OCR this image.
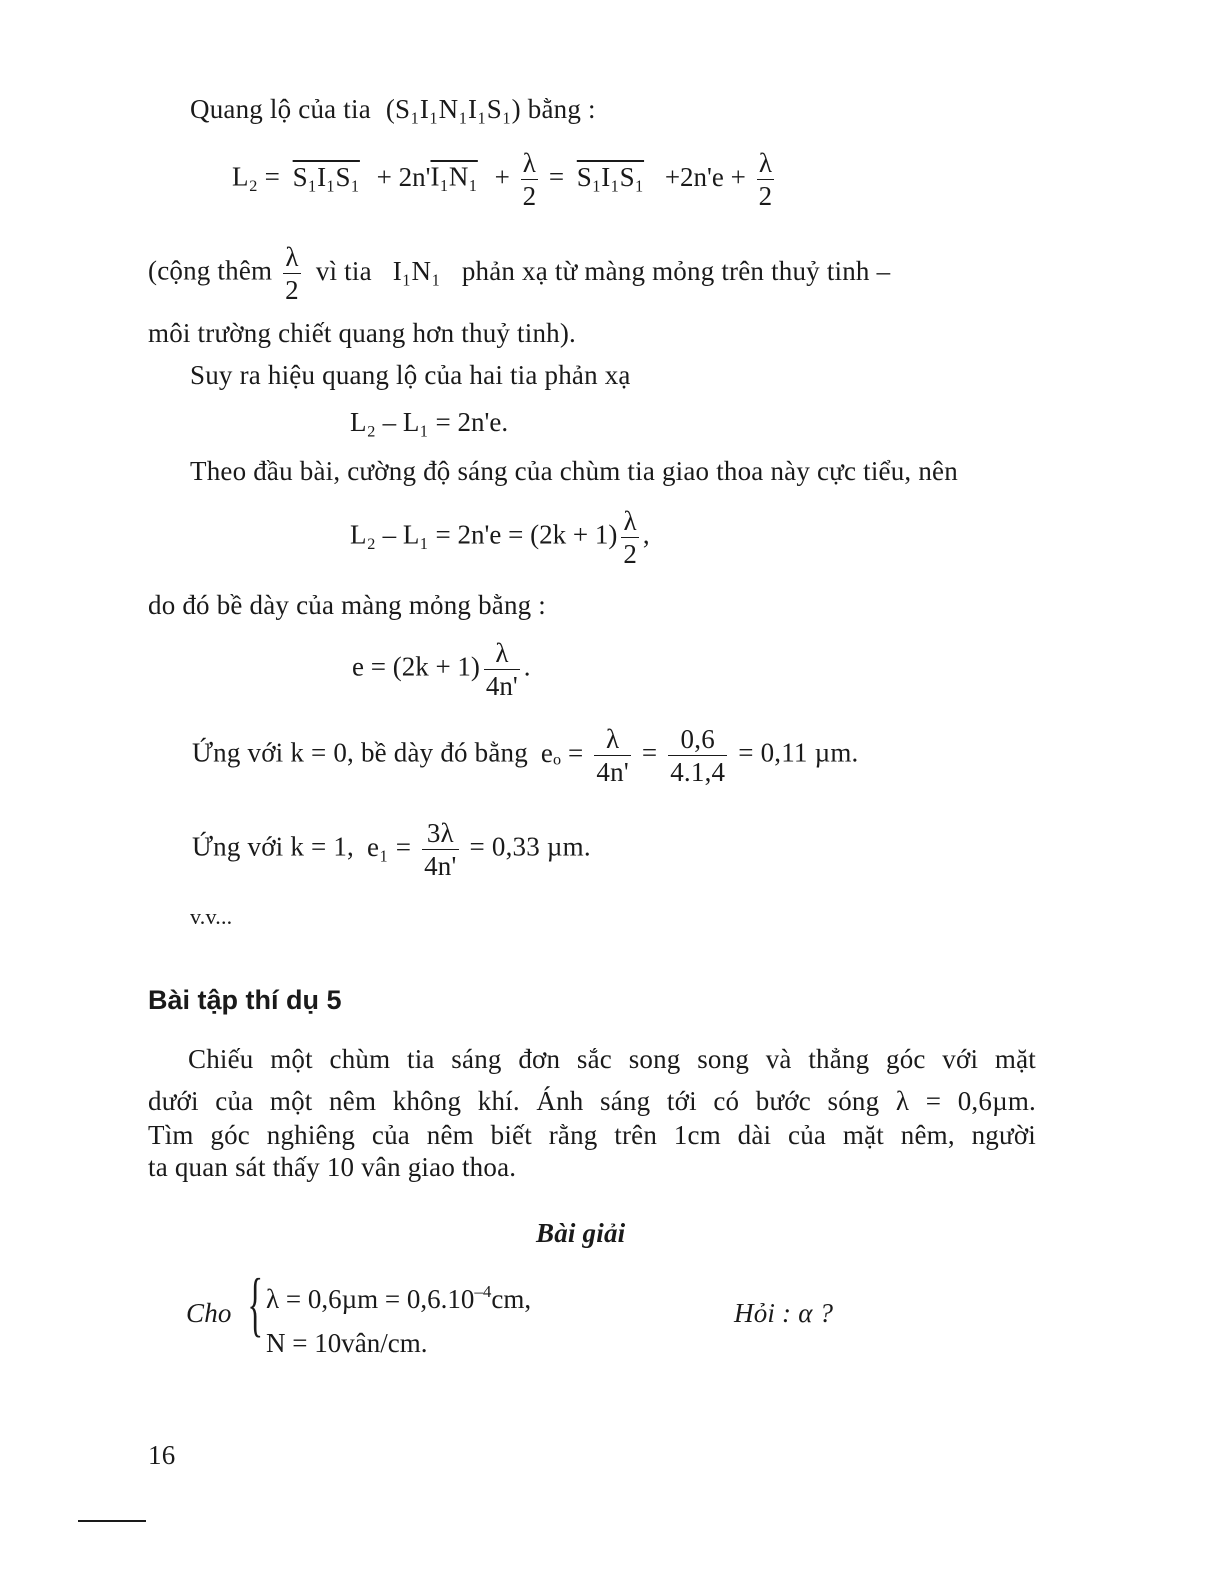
Quang lộ của tia (S₁I₁N₁I₁S₁) bằng :
$L_2 = S_1I_1S_1 + 2n'I_1N_1 + \frac{\lambda}{2} = S_1I_1S_1 +2n'e + \frac{\lambda}{2}$
(cộng thêm $\frac{\lambda}{2}$ vì tia I₁N₁ phản xạ từ màng mỏng trên thuỷ tinh –
môi trường chiết quang hơn thuỷ tinh).
Suy ra hiệu quang lộ của hai tia phản xạ
L₂ – L₁ = 2n'e.
Theo đầu bài, cường độ sáng của chùm tia giao thoa này cực tiểu, nên
$L_2 - L_1 = 2n'e = (2k + 1) \frac{\lambda}{2}$ ,
do đó bề dày của màng mỏng bằng :
$e = (2k + 1) \frac{\lambda}{4n'}$ .
Ứng với k = 0, bề dày đó bằng $e_o = \frac{\lambda}{4n'} = \frac{0,6}{4.1,4} = 0,11$ µm.
Ứng với k = 1, $e_1 = \frac{3\lambda}{4n'} = 0,33$ µm.
v.v...
Bài tập thí dụ 5
Chiếu một chùm tia sáng đơn sắc song song và thẳng góc với mặt
dưới của một nêm không khí. Ánh sáng tới có bước sóng λ = 0,6µm.
Tìm góc nghiêng của nêm biết rằng trên 1cm dài của mặt nêm, người
ta quan sát thấy 10 vân giao thoa.
Bài giải
Cho { $\lambda = 0,6\mu m = 0,6.10^{-4}cm$,
N = 10vân/cm.
Hỏi : α ?
16
